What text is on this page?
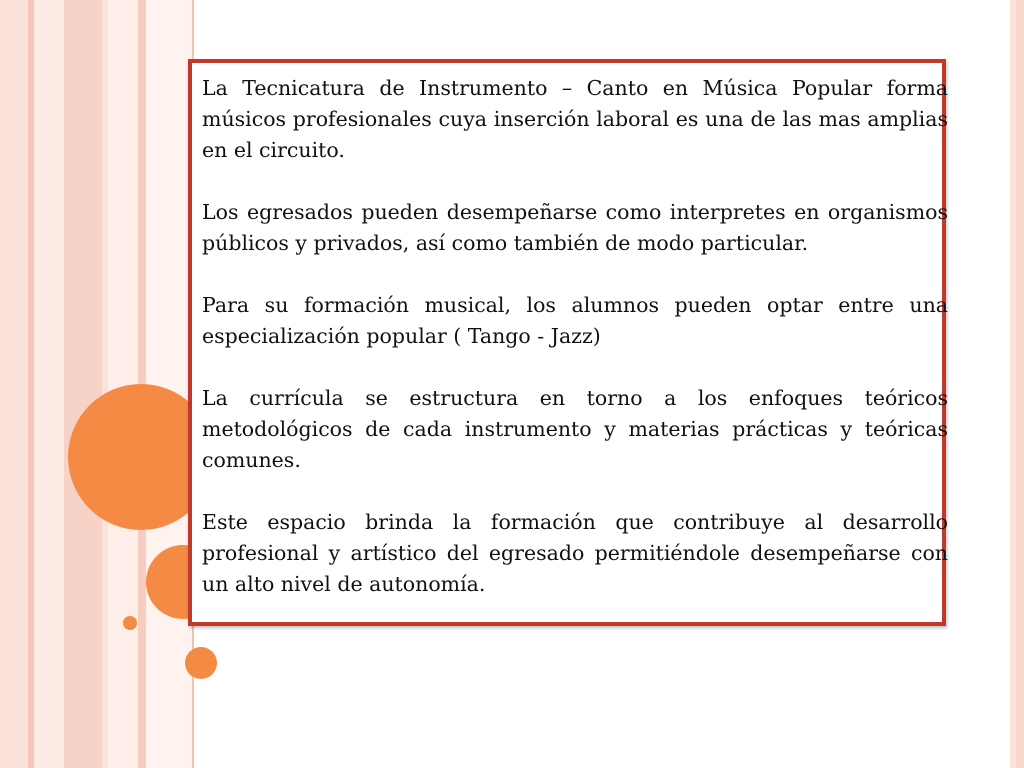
La Tecnicatura de Instrumento – Canto en Música Popular forma músicos profesionales cuya inserción laboral es una de las mas amplias en el circuito.

Los egresados pueden desempeñarse como interpretes en organismos públicos y privados, así como también de modo particular.

Para su formación musical, los alumnos pueden optar entre una especialización popular ( Tango - Jazz)

La currícula se estructura en torno a los enfoques teóricos metodológicos de cada instrumento y materias prácticas y teóricas comunes.

Este espacio brinda la formación que contribuye al desarrollo profesional y artístico del egresado permitiéndole desempeñarse con un alto nivel de autonomía.
